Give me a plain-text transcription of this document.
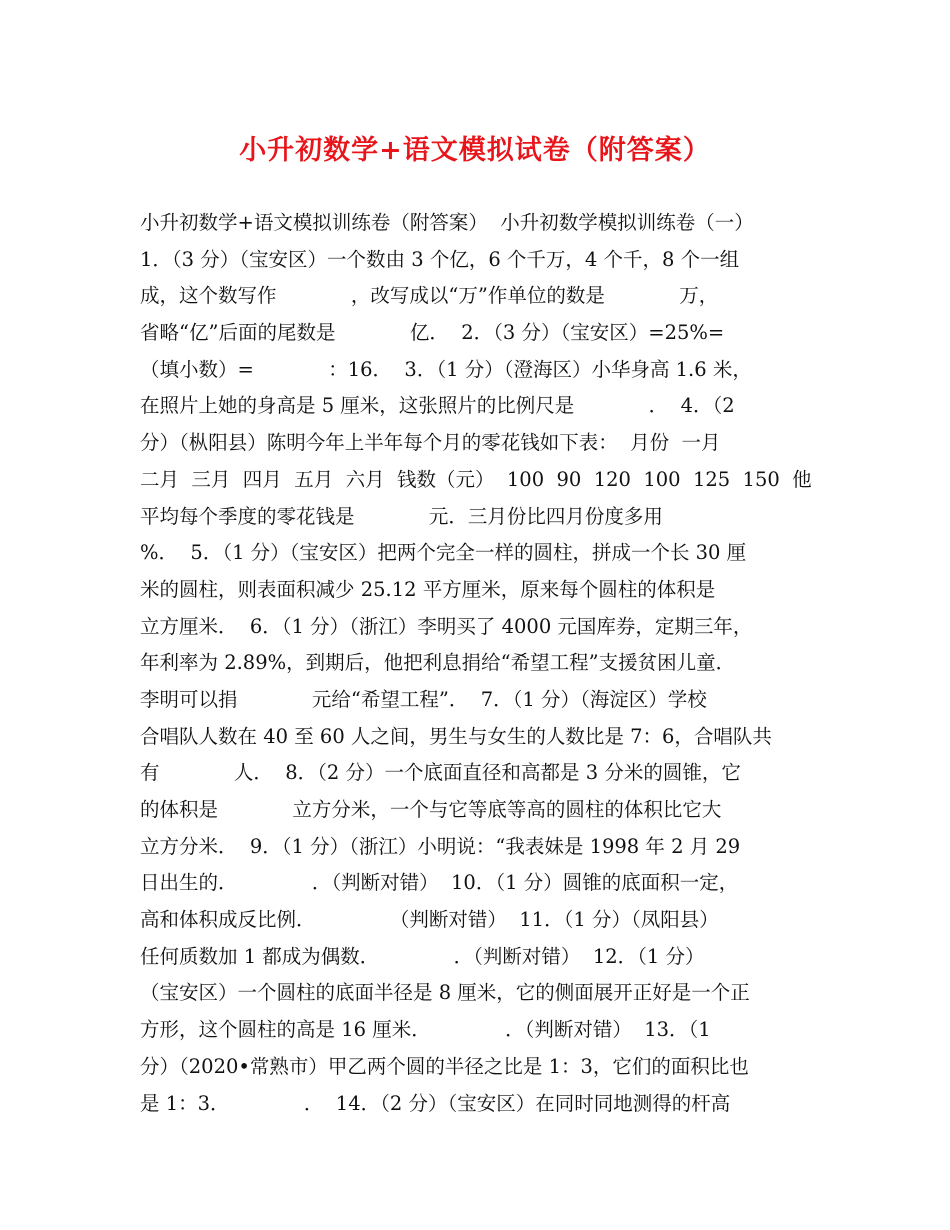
小升初数学+语文模拟试卷（附答案）
小升初数学+语文模拟训练卷（附答案）  小升初数学模拟训练卷（一）
1．（3 分）（宝安区）一个数由 3 个亿，6 个千万，4 个千，8 个一组
成，这个数写作            ，改写成以“万”作单位的数是            万，
省略“亿”后面的尾数是            亿．  2．（3 分）（宝安区）=25%=
（填小数）=            ：16．  3．（1 分）（澄海区）小华身高 1.6 米，
在照片上她的身高是 5 厘米，这张照片的比例尺是            ．  4．（2
分）（枞阳县）陈明今年上半年每个月的零花钱如下表：  月份  一月
二月  三月  四月  五月  六月  钱数（元）  100  90  120  100  125  150  他
平均每个季度的零花钱是            元．三月份比四月份度多用
%．  5．（1 分）（宝安区）把两个完全一样的圆柱，拼成一个长 30 厘
米的圆柱，则表面积减少 25.12 平方厘米，原来每个圆柱的体积是
立方厘米．  6．（1 分）（浙江）李明买了 4000 元国库券，定期三年，
年利率为 2.89%，到期后，他把利息捐给“希望工程”支援贫困儿童．
李明可以捐            元给“希望工程”．  7．（1 分）（海淀区）学校
合唱队人数在 40 至 60 人之间，男生与女生的人数比是 7：6，合唱队共
有            人．  8．（2 分）一个底面直径和高都是 3 分米的圆锥，它
的体积是            立方分米，一个与它等底等高的圆柱的体积比它大
立方分米．  9．（1 分）（浙江）小明说：“我表妹是 1998 年 2 月 29
日出生的．            ．（判断对错）  10．（1 分）圆锥的底面积一定，
高和体积成反比例．            （判断对错）  11．（1 分）（凤阳县）
任何质数加 1 都成为偶数．            ．（判断对错）  12．（1 分）
（宝安区）一个圆柱的底面半径是 8 厘米，它的侧面展开正好是一个正
方形，这个圆柱的高是 16 厘米．            ．（判断对错）  13．（1
分）（2020•常熟市）甲乙两个圆的半径之比是 1：3，它们的面积比也
是 1：3．            ．  14．（2 分）（宝安区）在同时同地测得的杆高
